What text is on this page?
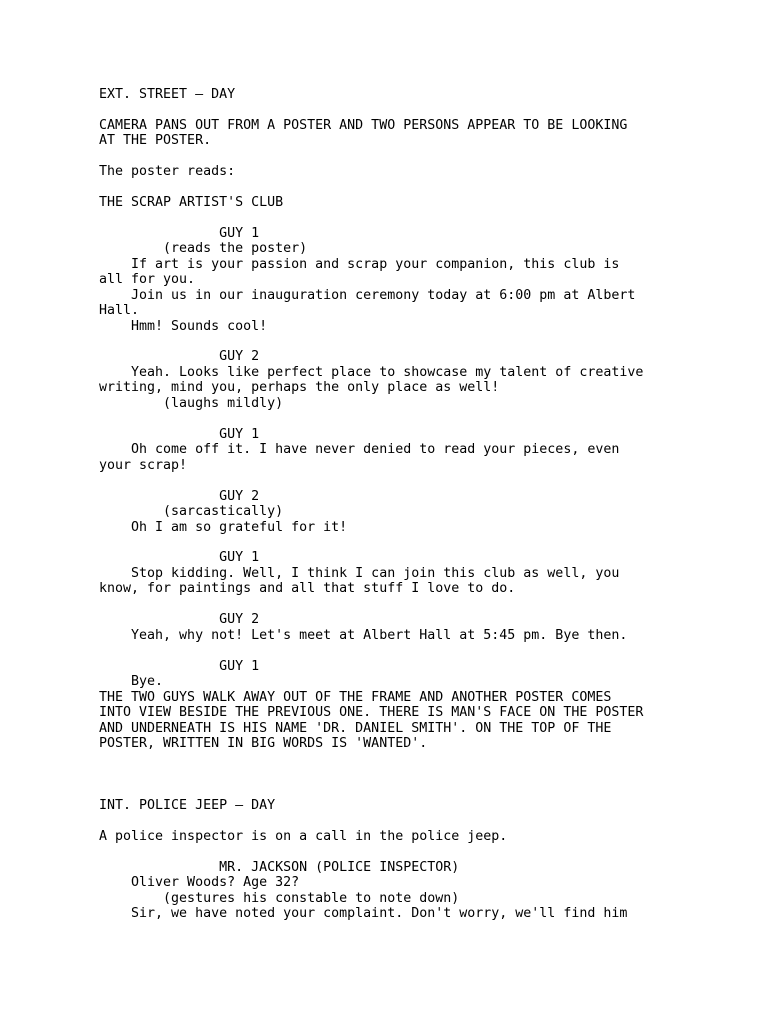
EXT. STREET – DAY

CAMERA PANS OUT FROM A POSTER AND TWO PERSONS APPEAR TO BE LOOKING

AT THE POSTER.

The poster reads:

THE SCRAP ARTIST'S CLUB

GUY 1

(reads the poster)

If art is your passion and scrap your companion, this club is

all for you.

Join us in our inauguration ceremony today at 6:00 pm at Albert

Hall.

Hmm! Sounds cool!

GUY 2

Yeah. Looks like perfect place to showcase my talent of creative

writing, mind you, perhaps the only place as well!

(laughs mildly)

GUY 1

Oh come off it. I have never denied to read your pieces, even

your scrap!

GUY 2

(sarcastically)

Oh I am so grateful for it!

GUY 1

Stop kidding. Well, I think I can join this club as well, you

know, for paintings and all that stuff I love to do.

GUY 2

Yeah, why not! Let's meet at Albert Hall at 5:45 pm. Bye then.

GUY 1

Bye.

THE TWO GUYS WALK AWAY OUT OF THE FRAME AND ANOTHER POSTER COMES

INTO VIEW BESIDE THE PREVIOUS ONE. THERE IS MAN'S FACE ON THE POSTER

AND UNDERNEATH IS HIS NAME 'DR. DANIEL SMITH'. ON THE TOP OF THE

POSTER, WRITTEN IN BIG WORDS IS 'WANTED'.

INT. POLICE JEEP – DAY

A police inspector is on a call in the police jeep.

MR. JACKSON (POLICE INSPECTOR)

Oliver Woods? Age 32?

(gestures his constable to note down)

Sir, we have noted your complaint. Don't worry, we'll find him
